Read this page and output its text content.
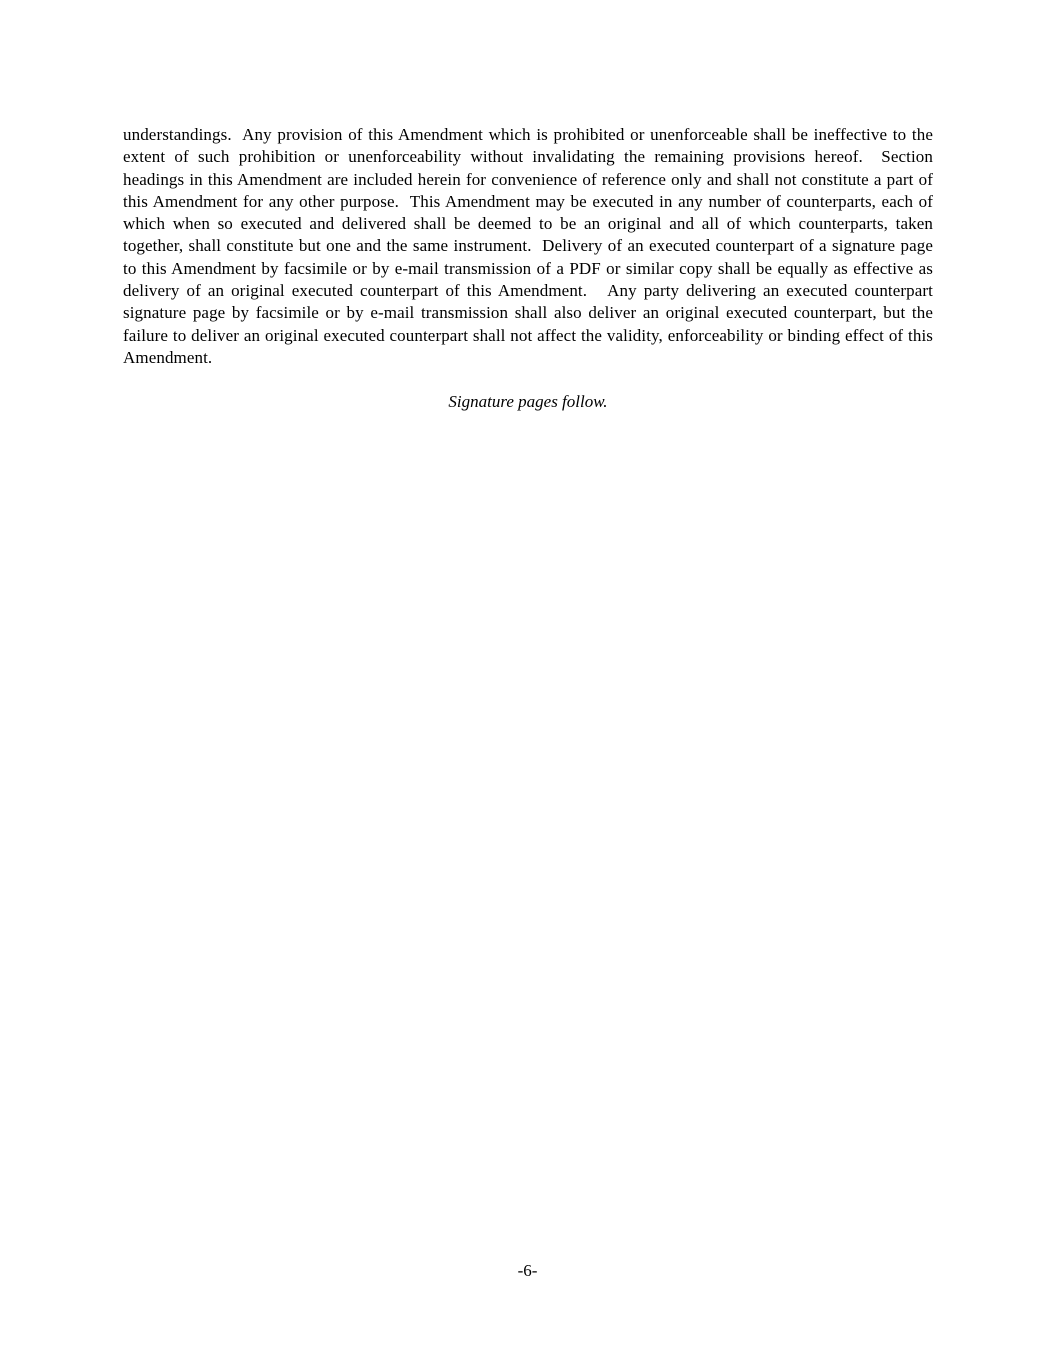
understandings.  Any provision of this Amendment which is prohibited or unenforceable shall be ineffective to the extent of such prohibition or unenforceability without invalidating the remaining provisions hereof.  Section headings in this Amendment are included herein for convenience of reference only and shall not constitute a part of this Amendment for any other purpose.  This Amendment may be executed in any number of counterparts, each of which when so executed and delivered shall be deemed to be an original and all of which counterparts, taken together, shall constitute but one and the same instrument.  Delivery of an executed counterpart of a signature page to this Amendment by facsimile or by e-mail transmission of a PDF or similar copy shall be equally as effective as delivery of an original executed counterpart of this Amendment.   Any party delivering an executed counterpart signature page by facsimile or by e-mail transmission shall also deliver an original executed counterpart, but the failure to deliver an original executed counterpart shall not affect the validity, enforceability or binding effect of this Amendment.

Signature pages follow.

-6-
